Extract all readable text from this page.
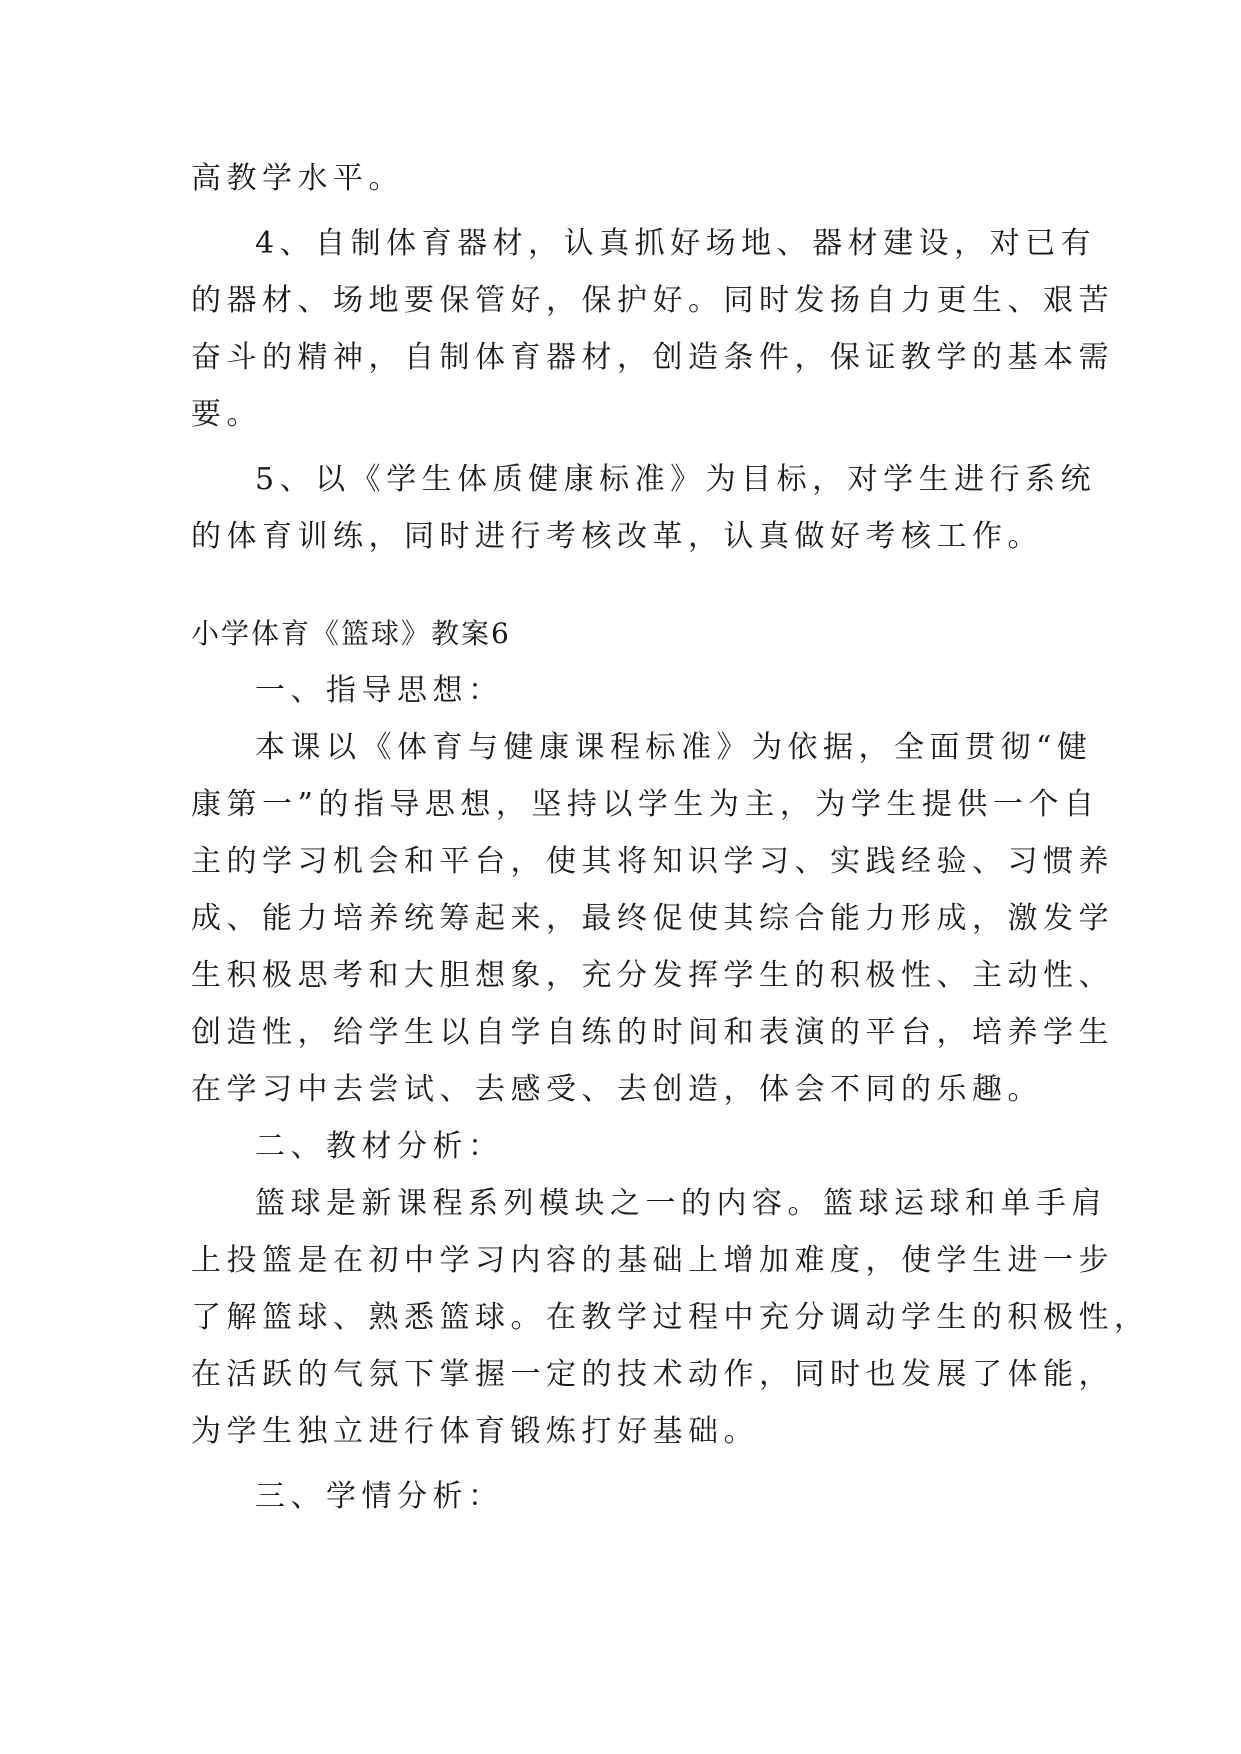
高教学水平。
4、自制体育器材，认真抓好场地、器材建设，对已有
的器材、场地要保管好，保护好。同时发扬自力更生、艰苦
奋斗的精神，自制体育器材，创造条件，保证教学的基本需
要。
5、以《学生体质健康标准》为目标，对学生进行系统
的体育训练，同时进行考核改革，认真做好考核工作。
小学体育《篮球》教案6
一、指导思想：
本课以《体育与健康课程标准》为依据，全面贯彻“健
康第一”的指导思想，坚持以学生为主，为学生提供一个自
主的学习机会和平台，使其将知识学习、实践经验、习惯养
成、能力培养统筹起来，最终促使其综合能力形成，激发学
生积极思考和大胆想象，充分发挥学生的积极性、主动性、
创造性，给学生以自学自练的时间和表演的平台，培养学生
在学习中去尝试、去感受、去创造，体会不同的乐趣。
二、教材分析：
篮球是新课程系列模块之一的内容。篮球运球和单手肩
上投篮是在初中学习内容的基础上增加难度，使学生进一步
了解篮球、熟悉篮球。在教学过程中充分调动学生的积极性，
在活跃的气氛下掌握一定的技术动作，同时也发展了体能，
为学生独立进行体育锻炼打好基础。
三、学情分析：
